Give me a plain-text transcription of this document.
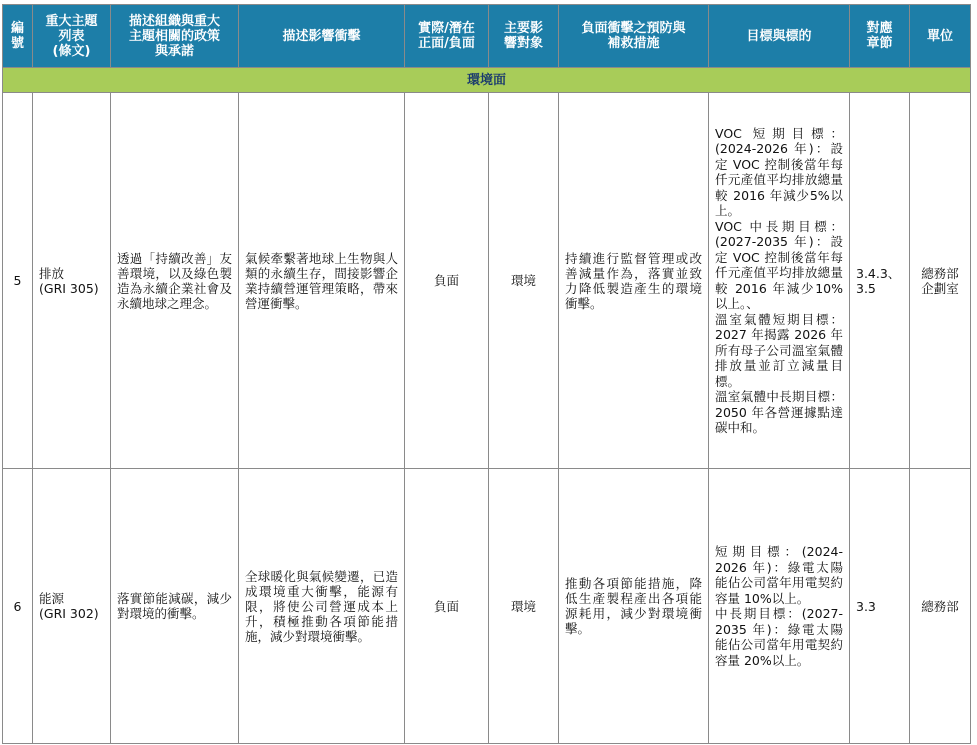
編
號	重大主題
列表
(條文)	描述組織與重大
主題相關的政策
與承諾	描述影響衝擊	實際/潛在
正面/負面	主要影
響對象	負面衝擊之預防與
補救措施	目標與標的	對應
章節	單位
環境面									
5	排放
(GRI 305)	透過「持續改善」友善環境，以及綠色製造為永續企業社會及永續地球之理念。	氣候牽繫著地球上生物與人類的永續生存，間接影響企業持續營運管理策略，帶來營運衝擊。	負面	環境	持續進行監督管理或改善減量作為，落實並致力降低製造產生的環境衝擊。	VOC 短期目標：(2024-2026 年)：設定 VOC 控制後當年每仟元產值平均排放總量較 2016 年減少5%以上。
VOC 中長期目標：(2027-2035 年)：設定 VOC 控制後當年每仟元產值平均排放總量較 2016 年減少10%以上。、
溫室氣體短期目標：2027 年揭露 2026 年所有母子公司溫室氣體排放量並訂立減量目標。
溫室氣體中長期目標：2050 年各營運據點達碳中和。	3.4.3、
3.5	總務部
企劃室
6	能源
(GRI 302)	落實節能減碳，減少對環境的衝擊。	全球暖化與氣候變遷，已造成環境重大衝擊，能源有限，將使公司營運成本上升，積極推動各項節能措施，減少對環境衝擊。	負面	環境	推動各項節能措施，降低生產製程產出各項能源耗用，減少對環境衝擊。	短期目標：(2024-2026 年)：綠電太陽能佔公司當年用電契約容量 10%以上。
中長期目標：(2027-2035 年)：綠電太陽能佔公司當年用電契約容量 20%以上。	3.3	總務部
